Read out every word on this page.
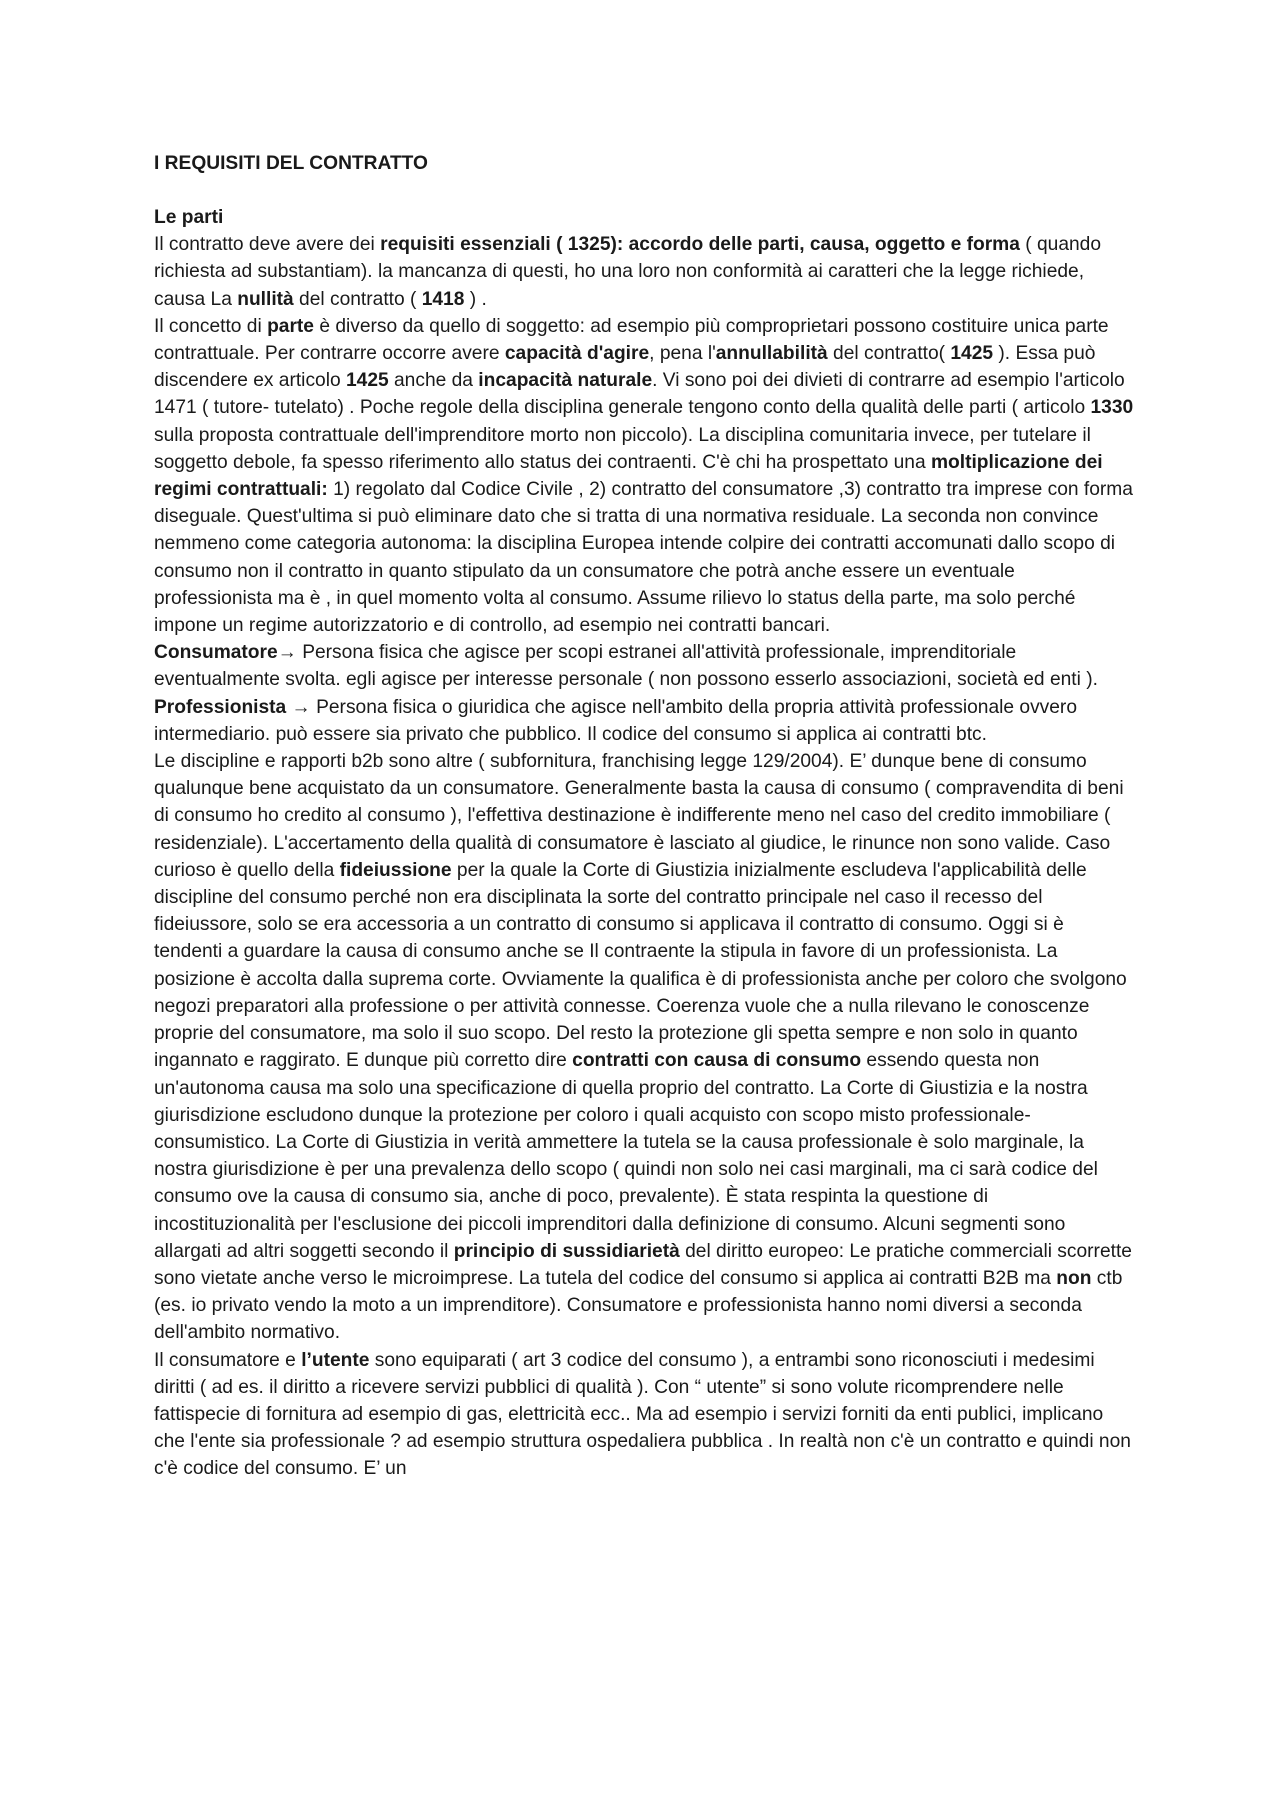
I REQUISITI DEL CONTRATTO
Le parti
Il contratto deve avere dei requisiti essenziali ( 1325): accordo delle parti, causa, oggetto e forma ( quando richiesta ad substantiam). la mancanza di questi, ho una loro non conformità ai caratteri che la legge richiede, causa La nullità del contratto ( 1418 ) .
Il concetto di parte è diverso da quello di soggetto: ad esempio più comproprietari possono costituire unica parte contrattuale. Per contrarre occorre avere capacità d'agire, pena l'annullabilità del contratto( 1425 ). Essa può discendere ex articolo 1425 anche da incapacità naturale. Vi sono poi dei divieti di contrarre ad esempio l'articolo 1471 ( tutore- tutelato) . Poche regole della disciplina generale tengono conto della qualità delle parti ( articolo 1330 sulla proposta contrattuale dell'imprenditore morto non piccolo). La disciplina comunitaria invece, per tutelare il soggetto debole, fa spesso riferimento allo status dei contraenti. C'è chi ha prospettato una moltiplicazione dei regimi contrattuali: 1) regolato dal Codice Civile , 2) contratto del consumatore ,3) contratto tra imprese con forma diseguale. Quest'ultima si può eliminare dato che si tratta di una normativa residuale. La seconda non convince nemmeno come categoria autonoma: la disciplina Europea intende colpire dei contratti accomunati dallo scopo di consumo non il contratto in quanto stipulato da un consumatore che potrà anche essere un eventuale professionista ma è , in quel momento volta al consumo. Assume rilievo lo status della parte, ma solo perché impone un regime autorizzatorio e di controllo, ad esempio nei contratti bancari.
Consumatore→ Persona fisica che agisce per scopi estranei all'attività professionale, imprenditoriale eventualmente svolta. egli agisce per interesse personale ( non possono esserlo associazioni, società ed enti ).
Professionista → Persona fisica o giuridica che agisce nell'ambito della propria attività professionale ovvero intermediario. può essere sia privato che pubblico. Il codice del consumo si applica ai contratti btc.
Le discipline e rapporti b2b sono altre ( subfornitura, franchising legge 129/2004). E’ dunque bene di consumo qualunque bene acquistato da un consumatore. Generalmente basta la causa di consumo ( compravendita di beni di consumo ho credito al consumo ), l'effettiva destinazione è indifferente meno nel caso del credito immobiliare ( residenziale). L'accertamento della qualità di consumatore è lasciato al giudice, le rinunce non sono valide. Caso curioso è quello della fideiussione per la quale la Corte di Giustizia inizialmente escludeva l'applicabilità delle discipline del consumo perché non era disciplinata la sorte del contratto principale nel caso il recesso del fideiussore, solo se era accessoria a un contratto di consumo si applicava il contratto di consumo. Oggi si è tendenti a guardare la causa di consumo anche se Il contraente la stipula in favore di un professionista. La posizione è accolta dalla suprema corte. Ovviamente la qualifica è di professionista anche per coloro che svolgono negozi preparatori alla professione o per attività connesse. Coerenza vuole che a nulla rilevano le conoscenze proprie del consumatore, ma solo il suo scopo. Del resto la protezione gli spetta sempre e non solo in quanto ingannato e raggirato. E dunque più corretto dire contratti con causa di consumo essendo questa non un'autonoma causa ma solo una specificazione di quella proprio del contratto. La Corte di Giustizia e la nostra giurisdizione escludono dunque la protezione per coloro i quali acquisto con scopo misto professionale- consumistico. La Corte di Giustizia in verità ammettere la tutela se la causa professionale è solo marginale, la nostra giurisdizione è per una prevalenza dello scopo ( quindi non solo nei casi marginali, ma ci sarà codice del consumo ove la causa di consumo sia, anche di poco, prevalente). È stata respinta la questione di incostituzionalità per l'esclusione dei piccoli imprenditori dalla definizione di consumo. Alcuni segmenti sono allargati ad altri soggetti secondo il principio di sussidiarietà del diritto europeo: Le pratiche commerciali scorrette sono vietate anche verso le microimprese. La tutela del codice del consumo si applica ai contratti B2B ma non ctb (es. io privato vendo la moto a un imprenditore). Consumatore e professionista hanno nomi diversi a seconda dell'ambito normativo.
Il consumatore e l’utente sono equiparati ( art 3 codice del consumo ), a entrambi sono riconosciuti i medesimi diritti ( ad es. il diritto a ricevere servizi pubblici di qualità ). Con “ utente” si sono volute ricomprendere nelle fattispecie di fornitura ad esempio di gas, elettricità ecc.. Ma ad esempio i servizi forniti da enti publici, implicano che l'ente sia professionale ? ad esempio struttura ospedaliera pubblica . In realtà non c'è un contratto e quindi non c'è codice del consumo. E’ un
